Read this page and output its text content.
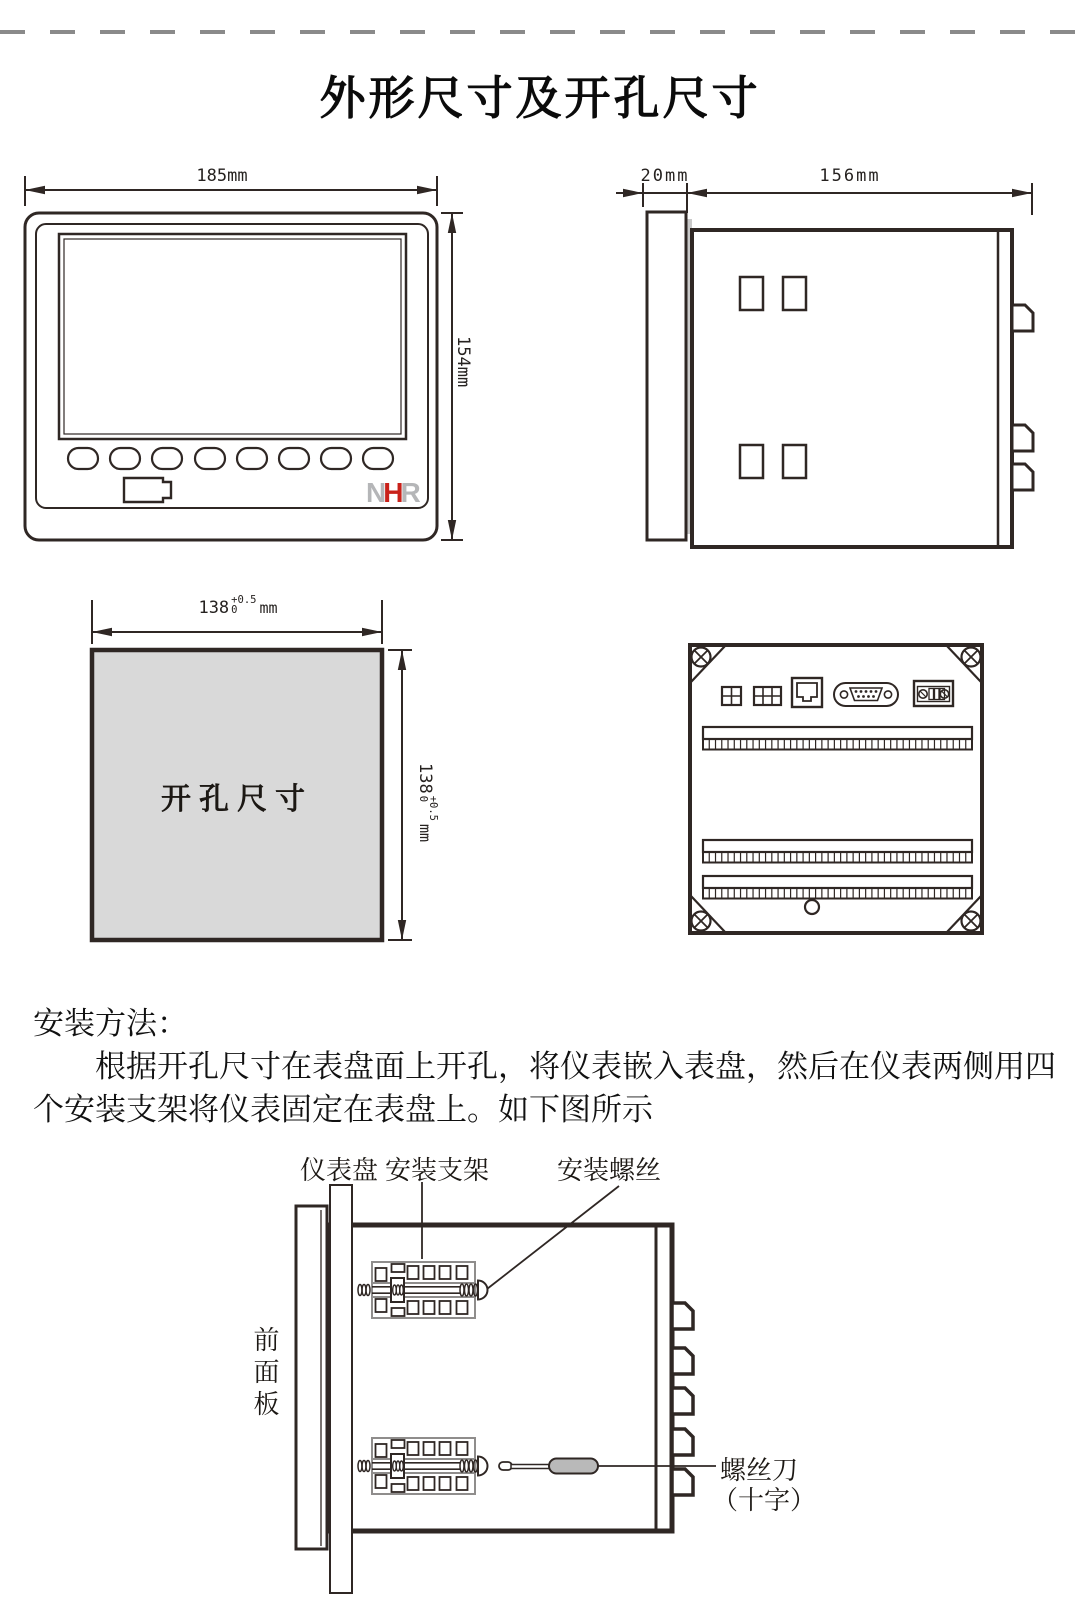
外形尺寸及开孔尺寸
185mm
154mm
20mm	156mm
138 +0.5
0	mm
138
+0.5
0
mm
开孔尺寸
NHR
安装方法：
根据开孔尺寸在表盘面上开孔，将仪表嵌入表盘，然后在仪表两侧用四
个安装支架将仪表固定在表盘上。如下图所示
仪表盘 安装支架	安装螺丝
前面板
螺丝刀
（十字）
